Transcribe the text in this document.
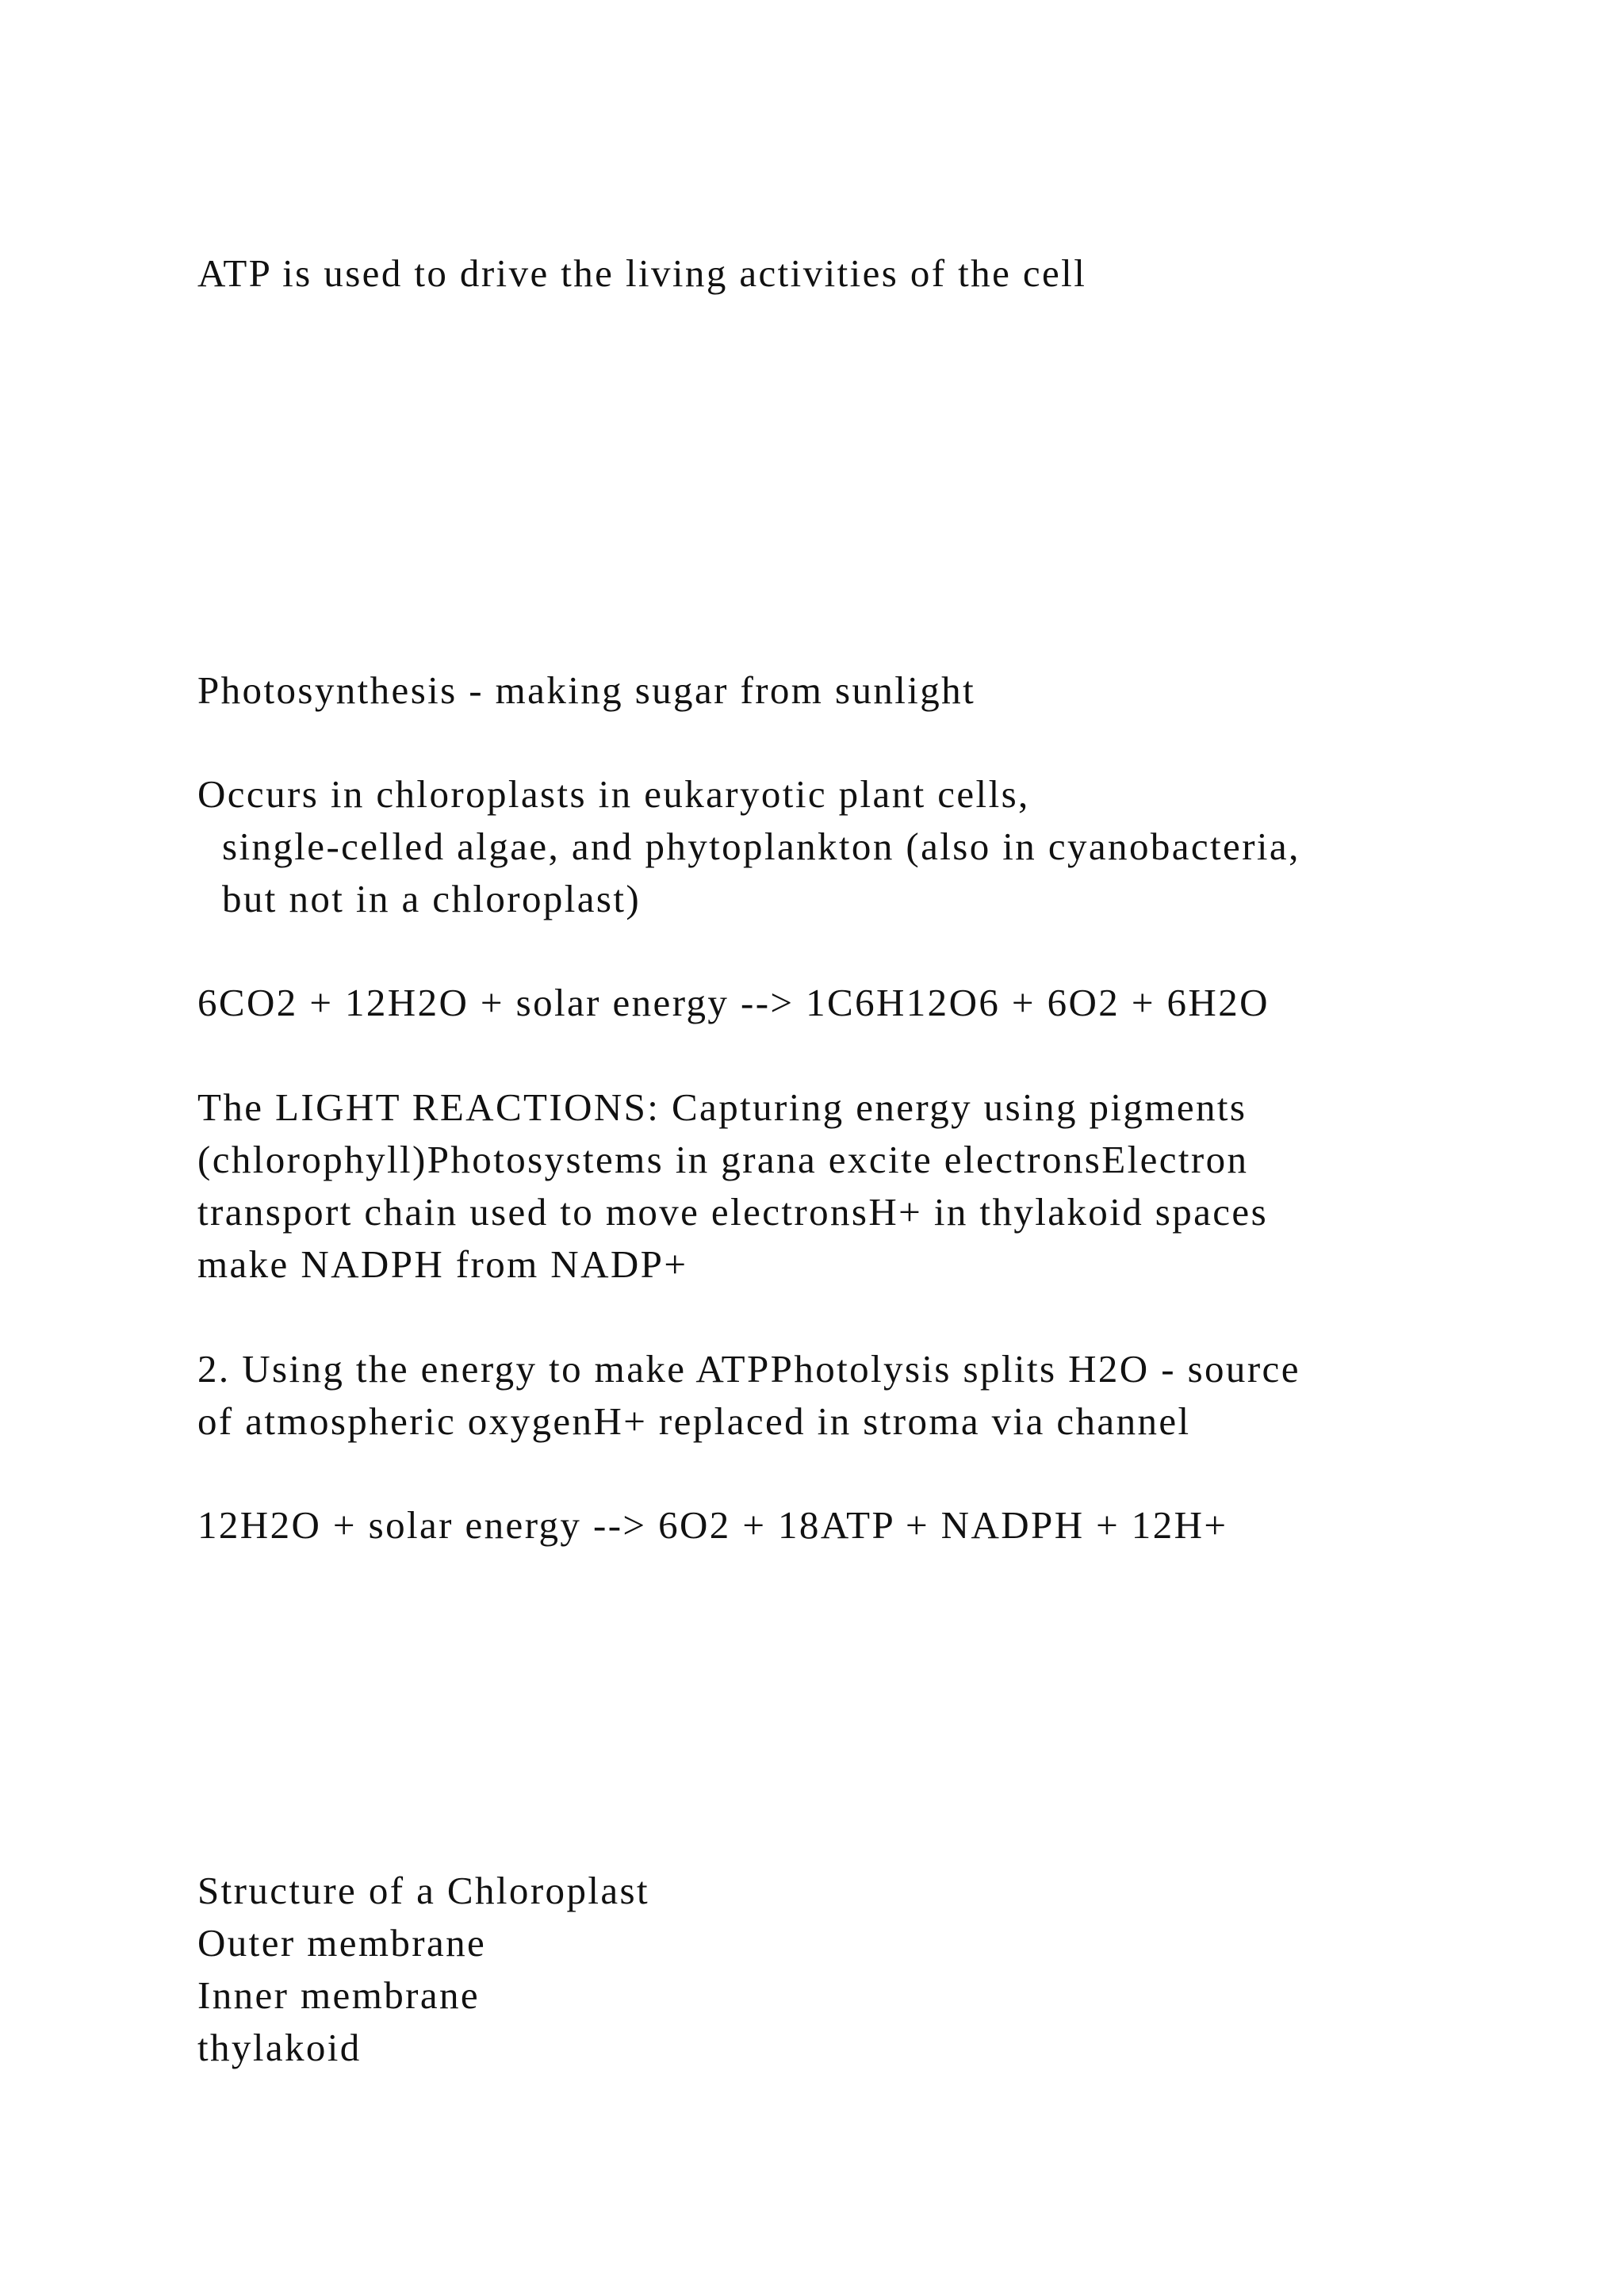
ATP is used to drive the living activities of the cell

Photosynthesis - making sugar from sunlight

Occurs in chloroplasts in eukaryotic plant cells,

single-celled algae, and phytoplankton (also in cyanobacteria,

but not in a chloroplast)

6CO2 + 12H2O + solar energy --> 1C6H12O6 + 6O2 + 6H2O

The LIGHT REACTIONS: Capturing energy using pigments

(chlorophyll)Photosystems in grana excite electronsElectron

transport chain used to move electronsH+ in thylakoid spaces

make NADPH from NADP+

2. Using the energy to make ATPPhotolysis splits H2O - source

of atmospheric oxygenH+ replaced in stroma via channel

12H2O + solar energy --> 6O2 + 18ATP + NADPH + 12H+

Structure of a Chloroplast

Outer membrane

Inner membrane

thylakoid
